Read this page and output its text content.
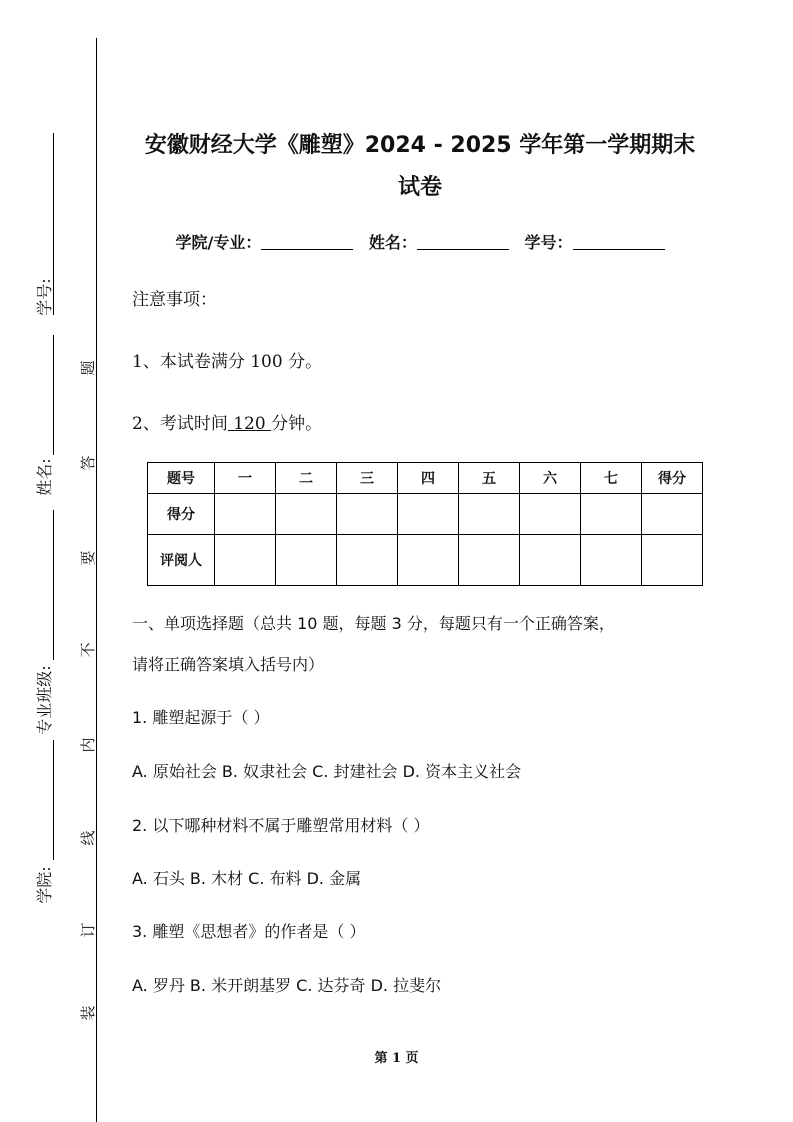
学号:
姓名:
专业班级:
学院:
题
答
要
不
内
线
订
装
安徽财经大学《雕塑》2024 - 2025 学年第一学期期末
试卷
学院/专业：	姓名：	学号：
注意事项：
1、本试卷满分 100 分。
2、考试时间 120 分钟。
题号	一	二	三	四	五	六	七	得分
得分								
评阅人								
一、单项选择题（总共 10 题，每题 3 分，每题只有一个正确答案，
请将正确答案填入括号内）
1. 雕塑起源于（ ）
A. 原始社会 B. 奴隶社会 C. 封建社会 D. 资本主义社会
2. 以下哪种材料不属于雕塑常用材料（ ）
A. 石头 B. 木材 C. 布料 D. 金属
3. 雕塑《思想者》的作者是（ ）
A. 罗丹 B. 米开朗基罗 C. 达芬奇 D. 拉斐尔
第 1 页
